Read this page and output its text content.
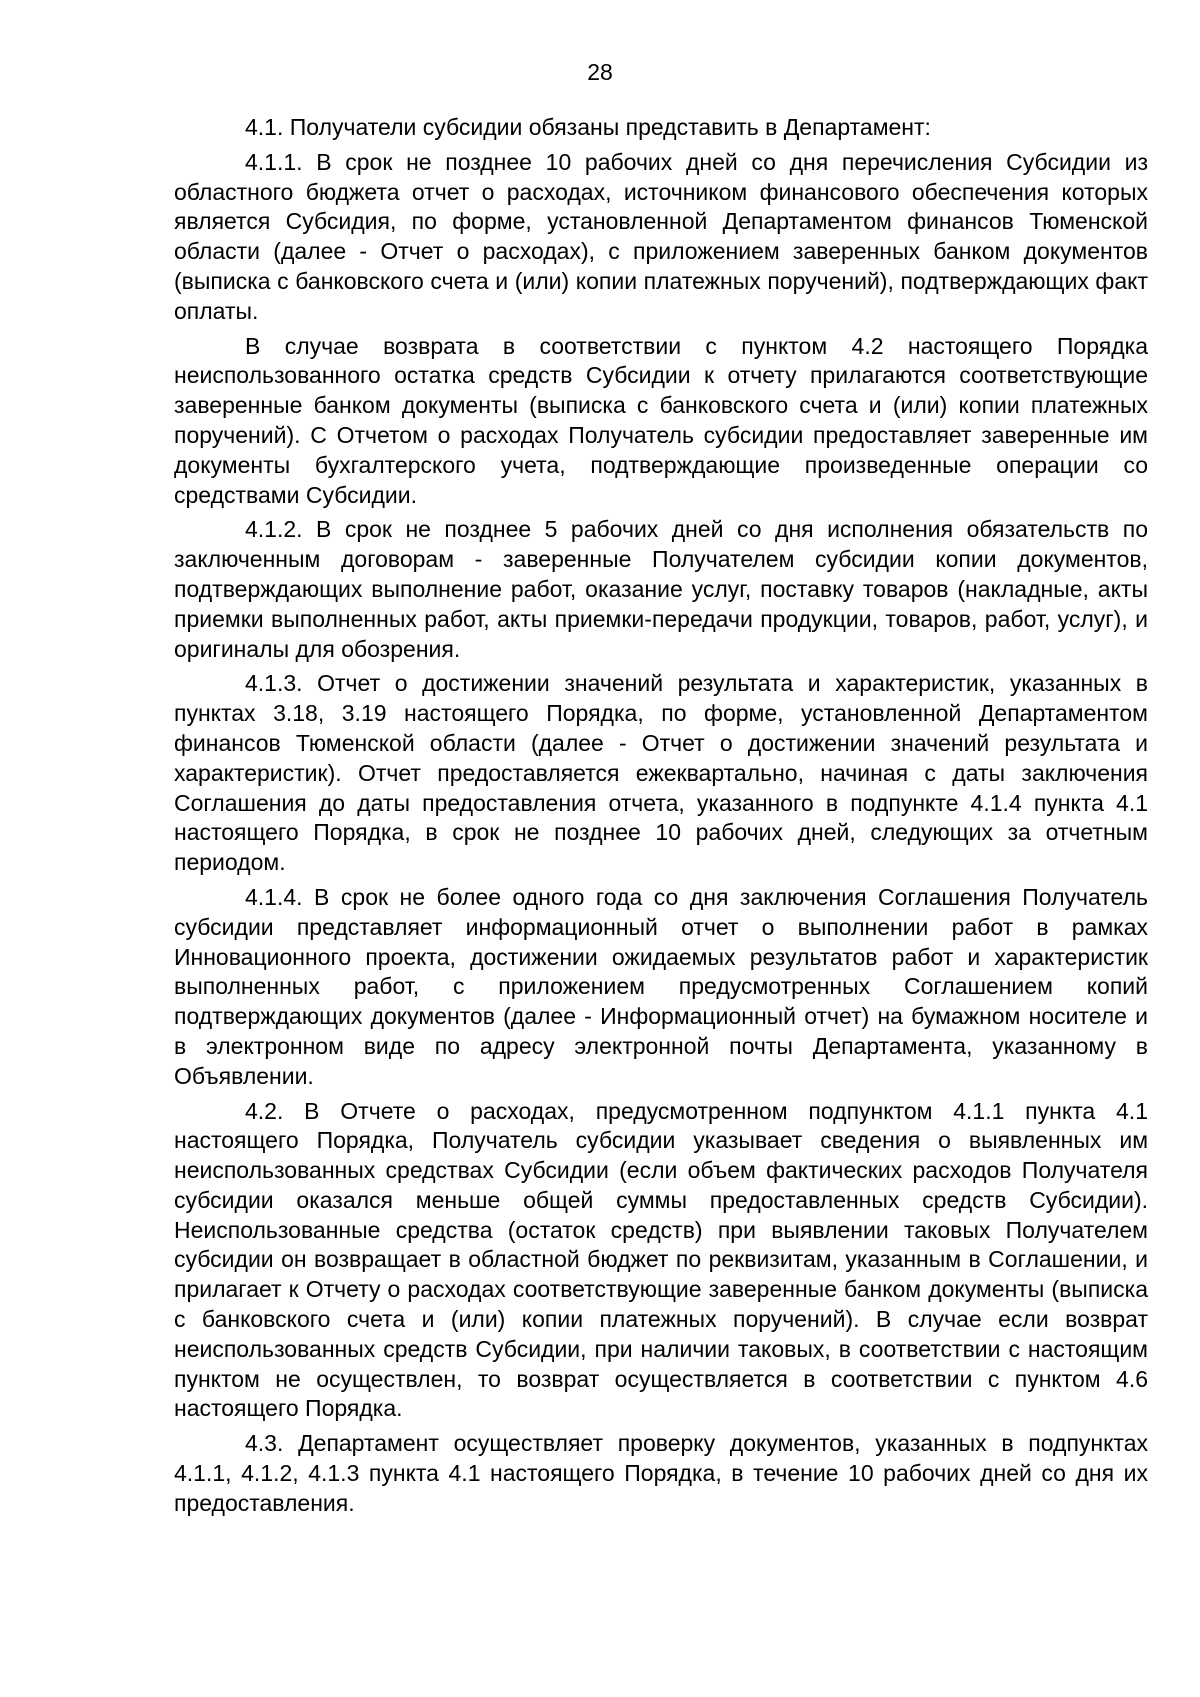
28

4.1. Получатели субсидии обязаны представить в Департамент:

4.1.1. В срок не позднее 10 рабочих дней со дня перечисления Субсидии из областного бюджета отчет о расходах, источником финансового обеспечения которых является Субсидия, по форме, установленной Департаментом финансов Тюменской области (далее - Отчет о расходах), с приложением заверенных банком документов (выписка с банковского счета и (или) копии платежных поручений), подтверждающих факт оплаты.

В случае возврата в соответствии с пунктом 4.2 настоящего Порядка неиспользованного остатка средств Субсидии к отчету прилагаются соответствующие заверенные банком документы (выписка с банковского счета и (или) копии платежных поручений). С Отчетом о расходах Получатель субсидии предоставляет заверенные им документы бухгалтерского учета, подтверждающие произведенные операции со средствами Субсидии.

4.1.2. В срок не позднее 5 рабочих дней со дня исполнения обязательств по заключенным договорам - заверенные Получателем субсидии копии документов, подтверждающих выполнение работ, оказание услуг, поставку товаров (накладные, акты приемки выполненных работ, акты приемки-передачи продукции, товаров, работ, услуг), и оригиналы для обозрения.

4.1.3. Отчет о достижении значений результата и характеристик, указанных в пунктах 3.18, 3.19 настоящего Порядка, по форме, установленной Департаментом финансов Тюменской области (далее - Отчет о достижении значений результата и характеристик). Отчет предоставляется ежеквартально, начиная с даты заключения Соглашения до даты предоставления отчета, указанного в подпункте 4.1.4 пункта 4.1 настоящего Порядка, в срок не позднее 10 рабочих дней, следующих за отчетным периодом.

4.1.4. В срок не более одного года со дня заключения Соглашения Получатель субсидии представляет информационный отчет о выполнении работ в рамках Инновационного проекта, достижении ожидаемых результатов работ и характеристик выполненных работ, с приложением предусмотренных Соглашением копий подтверждающих документов (далее - Информационный отчет) на бумажном носителе и в электронном виде по адресу электронной почты Департамента, указанному в Объявлении.

4.2. В Отчете о расходах, предусмотренном подпунктом 4.1.1 пункта 4.1 настоящего Порядка, Получатель субсидии указывает сведения о выявленных им неиспользованных средствах Субсидии (если объем фактических расходов Получателя субсидии оказался меньше общей суммы предоставленных средств Субсидии). Неиспользованные средства (остаток средств) при выявлении таковых Получателем субсидии он возвращает в областной бюджет по реквизитам, указанным в Соглашении, и прилагает к Отчету о расходах соответствующие заверенные банком документы (выписка с банковского счета и (или) копии платежных поручений). В случае если возврат неиспользованных средств Субсидии, при наличии таковых, в соответствии с настоящим пунктом не осуществлен, то возврат осуществляется в соответствии с пунктом 4.6 настоящего Порядка.

4.3. Департамент осуществляет проверку документов, указанных в подпунктах 4.1.1, 4.1.2, 4.1.3 пункта 4.1 настоящего Порядка, в течение 10 рабочих дней со дня их предоставления.
